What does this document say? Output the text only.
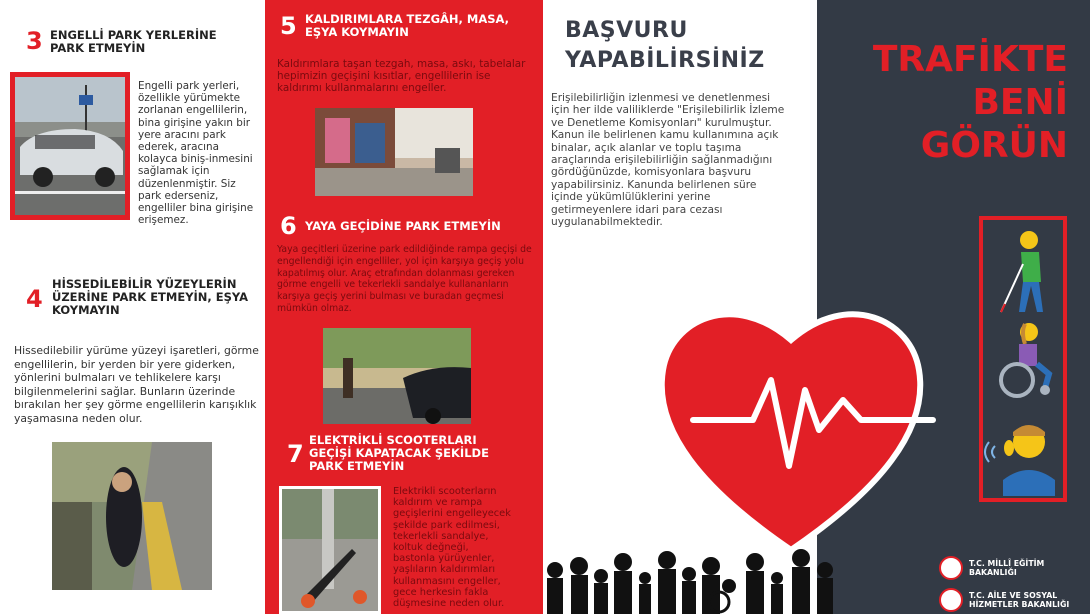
3 ENGELLİ PARK YERLERİNE PARK ETMEYİN
Engelli park yerleri, özellikle yürümekte zorlanan engellilerin, bina girişine yakın bir yere aracını park ederek, aracına kolayca biniş-inmesini sağlamak için düzenlenmiştir. Siz park ederseniz, engelliler bina girişine erişemez.
4
HİSSEDİLEBİLİR YÜZEYLERİN ÜZERİNE PARK ETMEYİN, EŞYA KOYMAYIN
Hissedilebilir yürüme yüzeyi işaretleri, görme engellilerin, bir yerden bir yere giderken, yönlerini bulmaları ve tehlikelere karşı bilgilenmelerini sağlar. Bunların üzerinde bırakılan her şey görme engellilerin karışıklık yaşamasına neden olur.
5 KALDIRIMLARA TEZGÂH, MASA, EŞYA KOYMAYIN
Kaldırımlara taşan tezgah, masa, askı, tabelalar hepimizin geçişini kısıtlar, engellilerin ise kaldırımı kullanmalarını engeller.
6 YAYA GEÇİDİNE PARK ETMEYİN
Yaya geçitleri üzerine park edildiğinde rampa geçişi de engellendiği için engelliler, yol için karşıya geçiş yolu kapatılmış olur. Araç etrafından dolanması gereken görme engelli ve tekerlekli sandalye kullananların karşıya geçiş yerini bulması ve buradan geçmesi mümkün olmaz.
7 ELEKTRİKLİ SCOOTERLARI GEÇİŞİ KAPATACAK ŞEKİLDE PARK ETMEYİN
Elektrikli scooterların kaldırım ve rampa geçişlerini engelleyecek şekilde park edilmesi, tekerlekli sandalye, koltuk değneği, bastonla yürüyenler, yaşlıların kaldırımları kullanmasını engeller, gece herkesin fakla düşmesine neden olur.
BAŞVURU
YAPABİLİRSİNİZ
Erişilebilirliğin izlenmesi ve denetlenmesi için her ilde valiliklerde "Erişilebilirlik İzleme ve Denetleme Komisyonları" kurulmuştur. Kanun ile belirlenen kamu kullanımına açık binalar, açık alanlar ve toplu taşıma araçlarında erişilebilirliğin sağlanmadığını gördüğünüzde, komisyonlara başvuru yapabilirsiniz. Kanunda belirlenen süre içinde yükümlülüklerini yerine getirmeyenlere idari para cezası uygulanabilmektedir.
TRAFİKTE
BENİ
GÖRÜN
T.C. MİLLÎ EĞİTİM
BAKANLIĞI
T.C. AİLE VE SOSYAL
HİZMETLER BAKANLIĞI
